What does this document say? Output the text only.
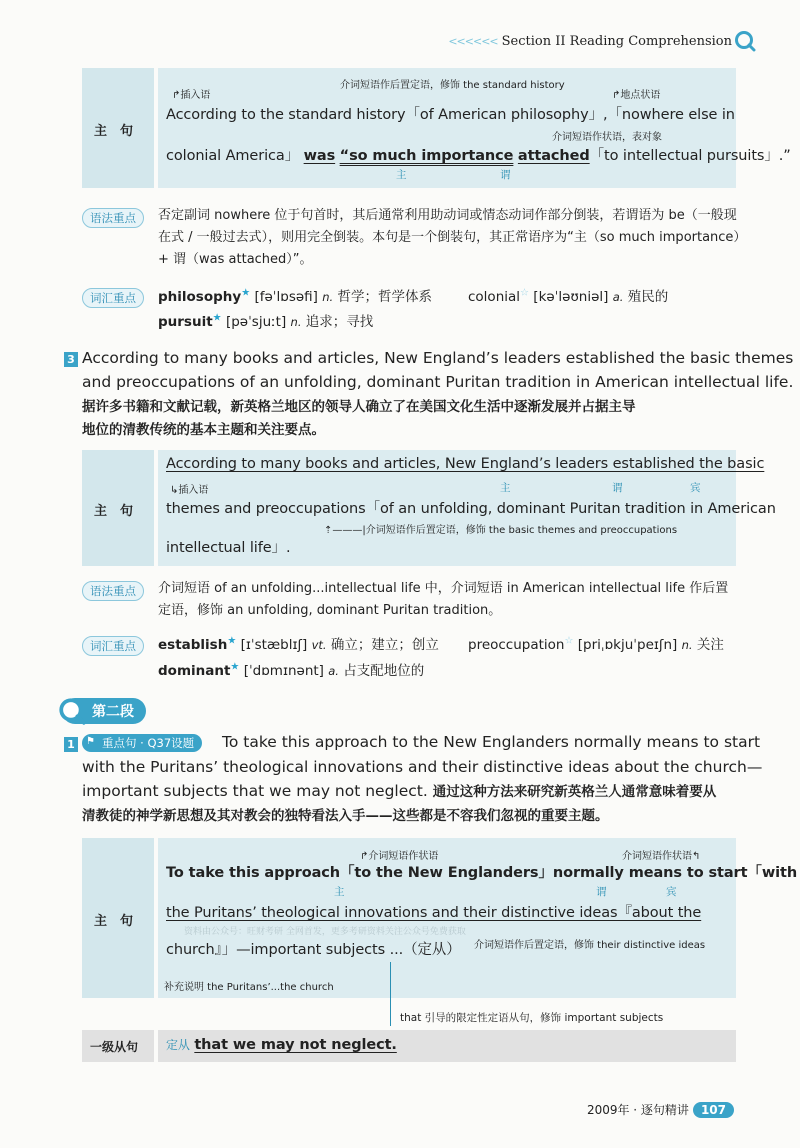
<<<<<< Section II Reading Comprehension
主　句
↱插入语
介词短语作后置定语，修饰 the standard history
↱地点状语
According to the standard history「of American philosophy」,「nowhere else in
介词短语作状语，表对象
colonial America」 was “so much importance attached「to intellectual pursuits」.”
主	谓
语法重点	否定副词 nowhere 位于句首时，其后通常利用助动词或情态动词作部分倒装，若谓语为 be（一般现在式 / 一般过去式），则用完全倒装。本句是一个倒装句，其正常语序为“主（so much importance）+ 谓（was attached）”。
词汇重点	philosophy★ [fəˈlɒsəfi] n. 哲学；哲学体系	colonial☆ [kəˈləʊniəl] a. 殖民的
pursuit★ [pəˈsjuːt] n. 追求；寻找
3 According to many books and articles, New England’s leaders established the basic themes
and preoccupations of an unfolding, dominant Puritan tradition in American intellectual life.
据许多书籍和文献记载，新英格兰地区的领导人确立了在美国文化生活中逐渐发展并占据主导
地位的清教传统的基本主题和关注要点。
主　句
According to many books and articles, New England’s leaders established the basic
↳插入语	主	谓	宾
themes and preoccupations「of an unfolding, dominant Puritan tradition in American
⇡———|介词短语作后置定语，修饰 the basic themes and preoccupations
intellectual life」.
语法重点	介词短语 of an unfolding...intellectual life 中，介词短语 in American intellectual life 作后置定语，修饰 an unfolding, dominant Puritan tradition。
词汇重点	establish★ [ɪˈstæblɪʃ] vt. 确立；建立；创立 preoccupation☆ [priˌɒkjuˈpeɪʃn] n. 关注
dominant★ [ˈdɒmɪnənt] a. 占支配地位的
第二段
1	重点句 · Q37设题
⚑	To take this approach to the New Englanders normally means to start
with the Puritans’ theological innovations and their distinctive ideas about the church—
important subjects that we may not neglect. 通过这种方法来研究新英格兰人通常意味着要从
清教徒的神学新思想及其对教会的独特看法入手——这些都是不容我们忽视的重要主题。
主　句
↱介词短语作状语	介词短语作状语↰
To take this approach「to the New Englanders」normally means to start「with
主	谓	宾
the Puritans’ theological innovations and their distinctive ideas『about the
资料由公众号：旺财考研 全网首发，更多考研资料关注公众号免费获取
church』」—important subjects ...（定从） 介词短语作后置定语，修饰 their distinctive ideas
补充说明 the Puritans’...the church
that 引导的限定性定语从句，修饰 important subjects
一级从句 定从 that we may not neglect.
2009年 · 逐句精讲 107
